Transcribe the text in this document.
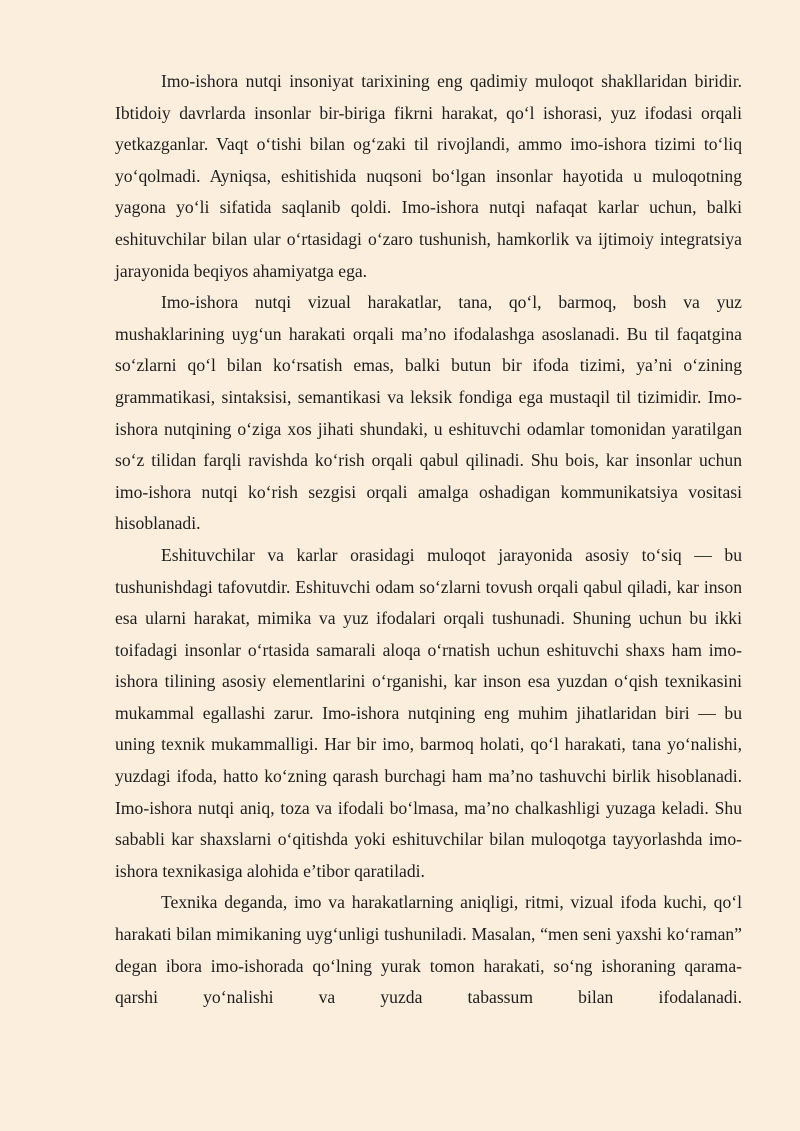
Imo-ishora nutqi insoniyat tarixining eng qadimiy muloqot shakllaridan biridir. Ibtidoiy davrlarda insonlar bir-biriga fikrni harakat, qo‘l ishorasi, yuz ifodasi orqali yetkazganlar. Vaqt o‘tishi bilan og‘zaki til rivojlandi, ammo imo-ishora tizimi to‘liq yo‘qolmadi. Ayniqsa, eshitishida nuqsoni bo‘lgan insonlar hayotida u muloqotning yagona yo‘li sifatida saqlanib qoldi. Imo-ishora nutqi nafaqat karlar uchun, balki eshituvchilar bilan ular o‘rtasidagi o‘zaro tushunish, hamkorlik va ijtimoiy integratsiya jarayonida beqiyos ahamiyatga ega.

Imo-ishora nutqi vizual harakatlar, tana, qo‘l, barmoq, bosh va yuz mushaklarining uyg‘un harakati orqali ma’no ifodalashga asoslanadi. Bu til faqatgina so‘zlarni qo‘l bilan ko‘rsatish emas, balki butun bir ifoda tizimi, ya’ni o‘zining grammatikasi, sintaksisi, semantikasi va leksik fondiga ega mustaqil til tizimidir. Imo-ishora nutqining o‘ziga xos jihati shundaki, u eshituvchi odamlar tomonidan yaratilgan so‘z tilidan farqli ravishda ko‘rish orqali qabul qilinadi. Shu bois, kar insonlar uchun imo-ishora nutqi ko‘rish sezgisi orqali amalga oshadigan kommunikatsiya vositasi hisoblanadi.

Eshituvchilar va karlar orasidagi muloqot jarayonida asosiy to‘siq — bu tushunishdagi tafovutdir. Eshituvchi odam so‘zlarni tovush orqali qabul qiladi, kar inson esa ularni harakat, mimika va yuz ifodalari orqali tushunadi. Shuning uchun bu ikki toifadagi insonlar o‘rtasida samarali aloqa o‘rnatish uchun eshituvchi shaxs ham imo-ishora tilining asosiy elementlarini o‘rganishi, kar inson esa yuzdan o‘qish texnikasini mukammal egallashi zarur. Imo-ishora nutqining eng muhim jihatlaridan biri — bu uning texnik mukammalligi. Har bir imo, barmoq holati, qo‘l harakati, tana yo‘nalishi, yuzdagi ifoda, hatto ko‘zning qarash burchagi ham ma’no tashuvchi birlik hisoblanadi. Imo-ishora nutqi aniq, toza va ifodali bo‘lmasa, ma’no chalkashligi yuzaga keladi. Shu sababli kar shaxslarni o‘qitishda yoki eshituvchilar bilan muloqotga tayyorlashda imo-ishora texnikasiga alohida e’tibor qaratiladi.

Texnika deganda, imo va harakatlarning aniqligi, ritmi, vizual ifoda kuchi, qo‘l harakati bilan mimikaning uyg‘unligi tushuniladi. Masalan, “men seni yaxshi ko‘raman” degan ibora imo-ishorada qo‘lning yurak tomon harakati, so‘ng ishoraning qarama-qarshi yo‘nalishi va yuzda tabassum bilan ifodalanadi.
